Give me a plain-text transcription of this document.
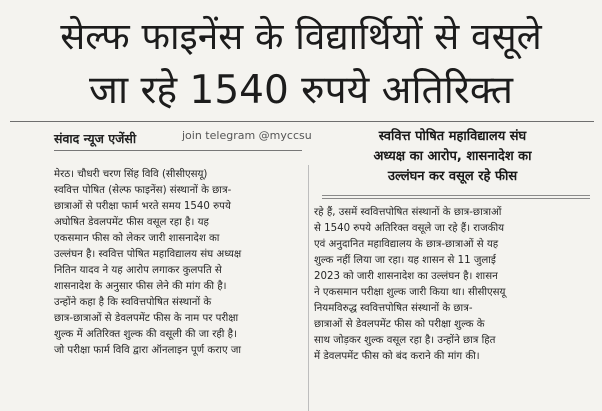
सेल्फ फाइनेंस के विद्यार्थियों से वसूले
जा रहे 1540 रुपये अतिरिक्त
संवाद न्यूज एजेंसी	join telegram @myccsu	स्ववित्त पोषित महाविद्यालय संघ
अध्यक्ष का आरोप, शासनादेश का
उल्लंघन कर वसूल रहे फीस
मेरठ। चौधरी चरण सिंह विवि (सीसीएसयू)
स्ववित्त पोषित (सेल्फ फाइनेंस) संस्थानों के छात्र-
छात्राओं से परीक्षा फार्म भरते समय 1540 रुपये
अघोषित डेवलपमेंट फीस वसूल रहा है। यह
एकसमान फीस को लेकर जारी शासनादेश का
उल्लंघन है। स्ववित्त पोषित महाविद्यालय संघ अध्यक्ष
नितिन यादव ने यह आरोप लगाकर कुलपति से
शासनादेश के अनुसार फीस लेने की मांग की है।
उन्होंने कहा है कि स्ववित्तपोषित संस्थानों के
छात्र-छात्राओं से डेवलपमेंट फीस के नाम पर परीक्षा
शुल्क में अतिरिक्त शुल्क की वसूली की जा रही है।
जो परीक्षा फार्म विवि द्वारा ऑनलाइन पूर्ण कराए जा
रहे हैं, उसमें स्ववित्तपोषित संस्थानों के छात्र-छात्राओं
से 1540 रुपये अतिरिक्त वसूले जा रहे हैं। राजकीय
एवं अनुदानित महाविद्यालय के छात्र-छात्राओं से यह
शुल्क नहीं लिया जा रहा। यह शासन से 11 जुलाई
2023 को जारी शासनादेश का उल्लंघन है। शासन
ने एकसमान परीक्षा शुल्क जारी किया था। सीसीएसयू
नियमविरुद्ध स्ववित्तपोषित संस्थानों के छात्र-
छात्राओं से डेवलपमेंट फीस को परीक्षा शुल्क के
साथ जोड़कर शुल्क वसूल रहा है। उन्होंने छात्र हित
में डेवलपमेंट फीस को बंद कराने की मांग की।
